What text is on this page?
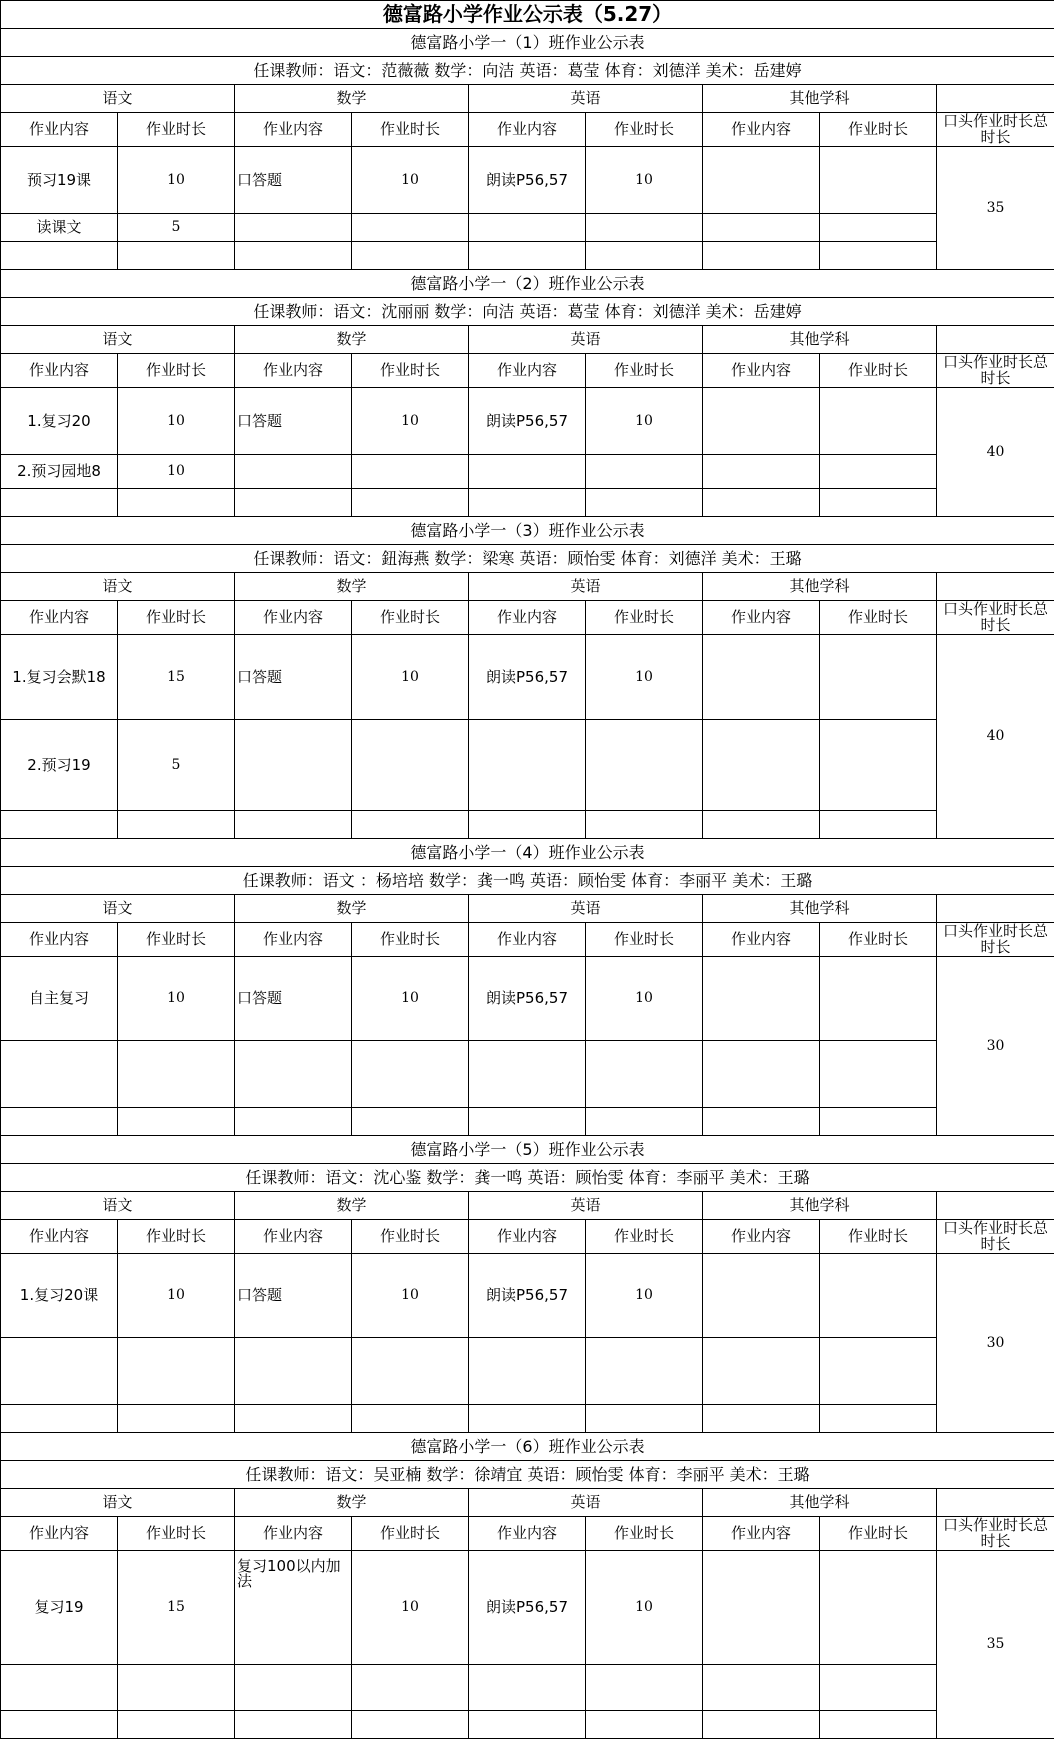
德富路小学作业公示表（5.27）								
德富路小学一（1）班作业公示表								
任课教师：语文：范薇薇 数学：向洁 英语：葛莹 体育：刘德洋 美术：岳建婷								
语文		数学		英语		其他学科		
作业内容	作业时长	作业内容	作业时长	作业内容	作业时长	作业内容	作业时长	口头作业时长总时长
预习19课	10	口答题	10	朗读P56,57	10			35
读课文	5							

德富路小学一（2）班作业公示表								
任课教师：语文：沈丽丽 数学：向洁 英语：葛莹 体育：刘德洋 美术：岳建婷								
语文		数学		英语		其他学科		
作业内容	作业时长	作业内容	作业时长	作业内容	作业时长	作业内容	作业时长	口头作业时长总时长
1.复习20	10	口答题	10	朗读P56,57	10			40
2.预习园地8	10							

德富路小学一（3）班作业公示表								
任课教师：语文：鈕海燕 数学：梁寒 英语：顾怡雯 体育：刘德洋 美术：王璐								
语文		数学		英语		其他学科		
作业内容	作业时长	作业内容	作业时长	作业内容	作业时长	作业内容	作业时长	口头作业时长总时长
1.复习会默18	15	口答题	10	朗读P56,57	10			40
2.预习19	5							

德富路小学一（4）班作业公示表								
任课教师：语文 ：杨培培 数学：龚一鸣 英语：顾怡雯 体育：李丽平 美术：王璐								
语文		数学		英语		其他学科		
作业内容	作业时长	作业内容	作业时长	作业内容	作业时长	作业内容	作业时长	口头作业时长总时长
自主复习	10	口答题	10	朗读P56,57	10			30

德富路小学一（5）班作业公示表								
任课教师：语文：沈心鉴 数学：龚一鸣 英语：顾怡雯 体育：李丽平 美术：王璐								
语文		数学		英语		其他学科		
作业内容	作业时长	作业内容	作业时长	作业内容	作业时长	作业内容	作业时长	口头作业时长总时长
1.复习20课	10	口答题	10	朗读P56,57	10			30

德富路小学一（6）班作业公示表								
任课教师：语文：吴亚楠 数学：徐靖宜 英语：顾怡雯 体育：李丽平 美术：王璐								
语文		数学		英语		其他学科		
作业内容	作业时长	作业内容	作业时长	作业内容	作业时长	作业内容	作业时长	口头作业时长总时长
复习19	15	复习100以内加法	10	朗读P56,57	10			35
